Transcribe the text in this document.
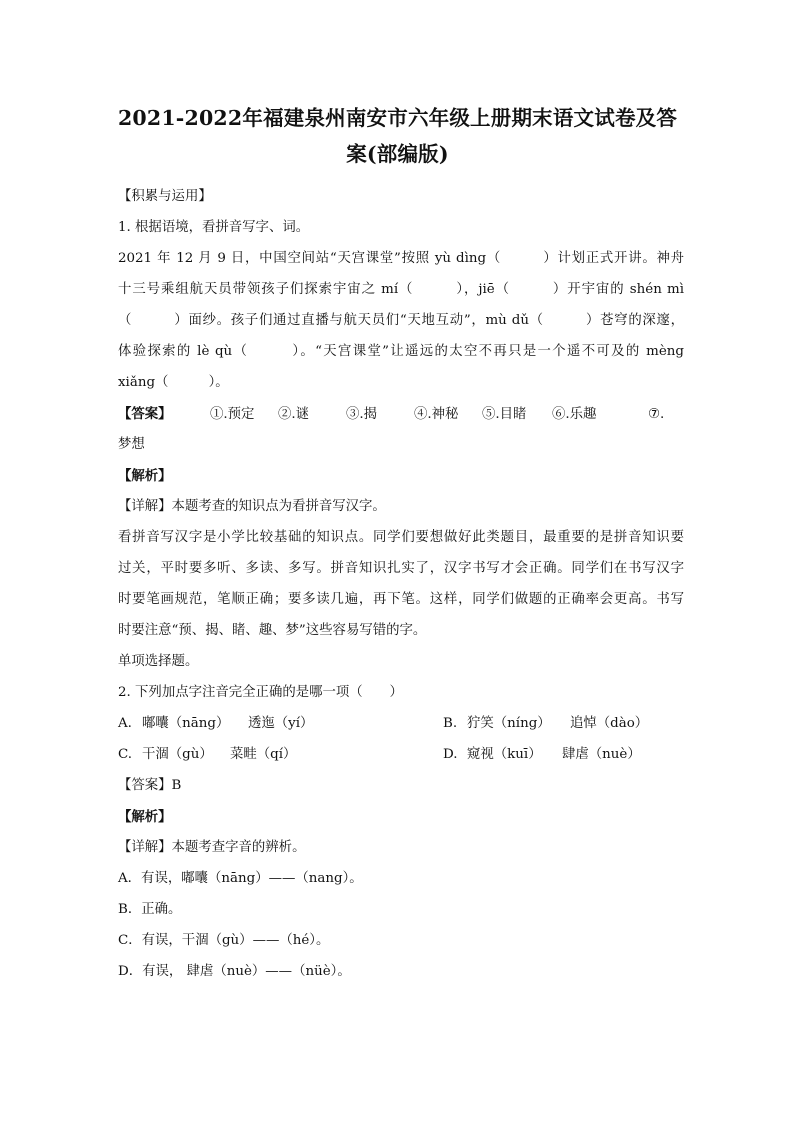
2021-2022年福建泉州南安市六年级上册期末语文试卷及答
案(部编版)
【积累与运用】
1. 根据语境，看拼音写字、词。
2021 年 12 月 9 日，中国空间站“天宫课堂”按照 yù dìng（　　　）计划正式开讲。神舟
十三号乘组航天员带领孩子们探索宇宙之 mí（　　　），jiē（　　　）开宇宙的 shén mì
（　　　）面纱。孩子们通过直播与航天员们“天地互动”，mù dǔ（　　　）苍穹的深邃，
体验探索的 lè qù（　　　）。“天宫课堂”让遥远的太空不再只是一个遥不可及的 mèng
xiǎng（　　　）。
【答案】	①.预定 ②.谜	③.揭	④.神秘 ⑤.目睹 ⑥.乐趣	⑦.
梦想
【解析】
【详解】本题考查的知识点为看拼音写汉字。
看拼音写汉字是小学比较基础的知识点。同学们要想做好此类题目，最重要的是拼音知识要
过关，平时要多听、多读、多写。拼音知识扎实了，汉字书写才会正确。同学们在书写汉字
时要笔画规范，笔顺正确；要多读几遍，再下笔。这样，同学们做题的正确率会更高。书写
时要注意“预、揭、睹、趣、梦”这些容易写错的字。
单项选择题。
2. 下列加点字注音完全正确的是哪一项（　　）
A. 嘟囔（nāng） 透迤（yí）	B. 狞笑（níng） 追悼（dào）
C. 干涸（gù） 菜畦（qí）	D. 窥视（kuī） 肆虐（nuè）
【答案】B
【解析】
【详解】本题考查字音的辨析。
A．有误，嘟囔（nāng）——（nang）。
B．正确。
C．有误，干涸（gù）——（hé）。
D．有误， 肆虐（nuè）——（nüè）。
